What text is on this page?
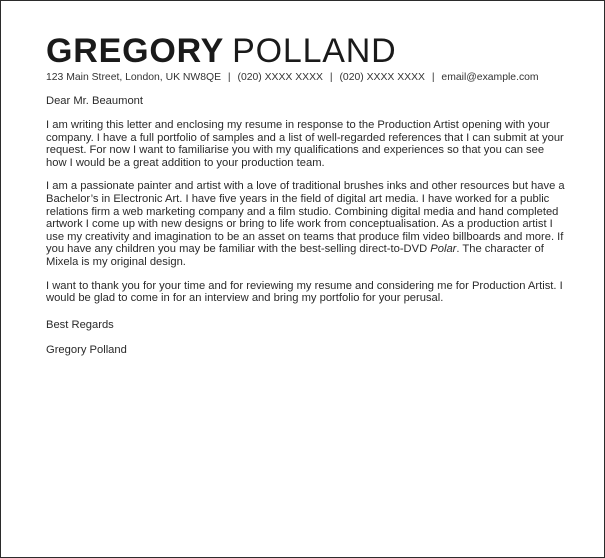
GREGORY POLLAND
123 Main Street, London, UK NW8QE | (020) XXXX XXXX | (020) XXXX XXXX | email@example.com
Dear Mr. Beaumont
I am writing this letter and enclosing my resume in response to the Production Artist opening with your company. I have a full portfolio of samples and a list of well-regarded references that I can submit at your request. For now I want to familiarise you with my qualifications and experiences so that you can see how I would be a great addition to your production team.
I am a passionate painter and artist with a love of traditional brushes inks and other resources but have a Bachelor’s in Electronic Art. I have five years in the field of digital art media. I have worked for a public relations firm a web marketing company and a film studio. Combining digital media and hand completed artwork I come up with new designs or bring to life work from conceptualisation. As a production artist I use my creativity and imagination to be an asset on teams that produce film video billboards and more. If you have any children you may be familiar with the best-selling direct-to-DVD Polar. The character of Mixela is my original design.
I want to thank you for your time and for reviewing my resume and considering me for Production Artist. I would be glad to come in for an interview and bring my portfolio for your perusal.
Best Regards
Gregory Polland
